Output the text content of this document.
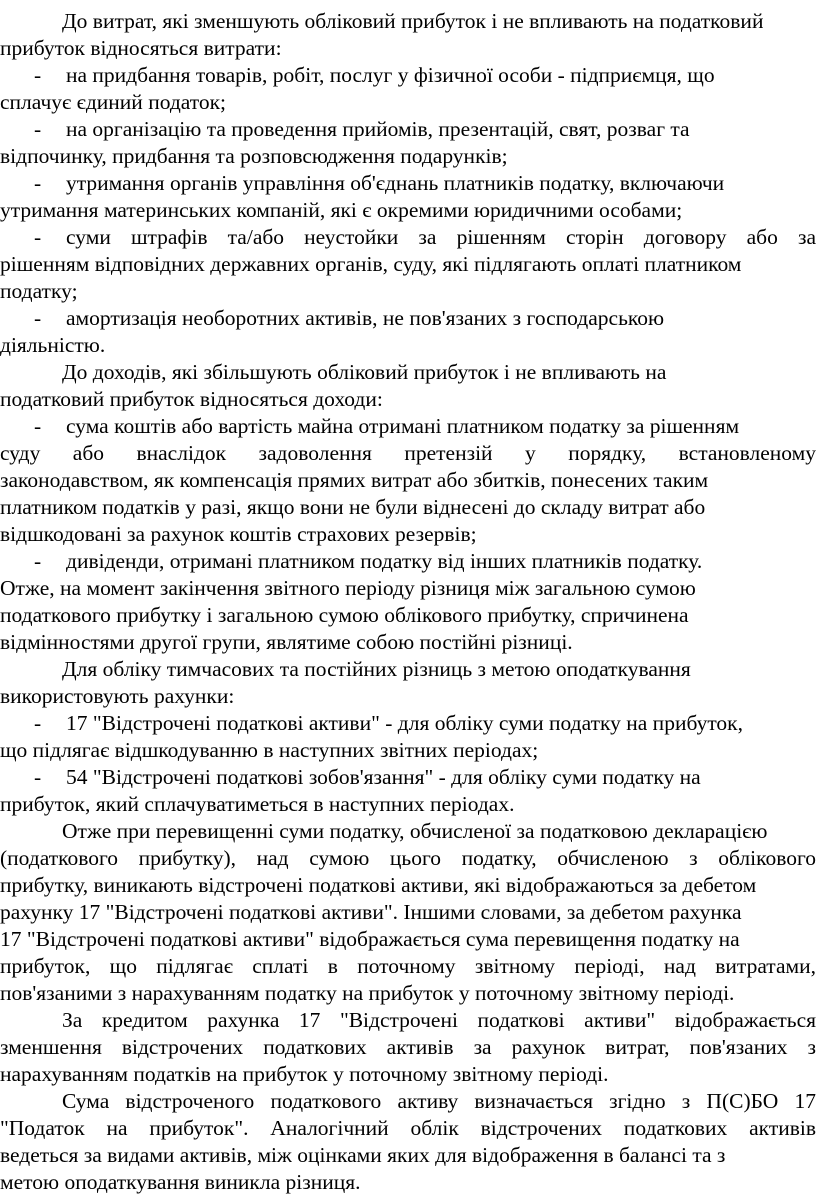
До витрат, які зменшують обліковий прибуток і не впливають на податковий

прибуток відносяться витрати:

- на придбання товарів, робіт, послуг у фізичної особи - підприємця, що

сплачує єдиний податок;

- на організацію та проведення прийомів, презентацій, свят, розваг та

відпочинку, придбання та розповсюдження подарунків;

- утримання органів управління об'єднань платників податку, включаючи

утримання материнських компаній, які є окремими юридичними особами;

- суми штрафів та/або неустойки за рішенням сторін договору або за

рішенням відповідних державних органів, суду, які підлягають оплаті платником

податку;

- амортизація необоротних активів, не пов'язаних з господарською

діяльністю.

До доходів, які збільшують обліковий прибуток і не впливають на

податковий прибуток відносяться доходи:

- сума коштів або вартість майна отримані платником податку за рішенням

суду або внаслідок задоволення претензій у порядку, встановленому

законодавством, як компенсація прямих витрат або збитків, понесених таким

платником податків у разі, якщо вони не були віднесені до складу витрат або

відшкодовані за рахунок коштів страхових резервів;

- дивіденди, отримані платником податку від інших платників податку.

Отже, на момент закінчення звітного періоду різниця між загальною сумою

податкового прибутку і загальною сумою облікового прибутку, спричинена

відмінностями другої групи, являтиме собою постійні різниці.

Для обліку тимчасових та постійних різниць з метою оподаткування

використовують рахунки:

- 17 "Відстрочені податкові активи" - для обліку суми податку на прибуток,

що підлягає відшкодуванню в наступних звітних періодах;

- 54 "Відстрочені податкові зобов'язання" - для обліку суми податку на

прибуток, який сплачуватиметься в наступних періодах.

Отже при перевищенні суми податку, обчисленої за податковою декларацією

(податкового прибутку), над сумою цього податку, обчисленою з облікового

прибутку, виникають відстрочені податкові активи, які відображаються за дебетом

рахунку 17 "Відстрочені податкові активи". Іншими словами, за дебетом рахунка

17 "Відстрочені податкові активи" відображається сума перевищення податку на

прибуток, що підлягає сплаті в поточному звітному періоді, над витратами,

пов'язаними з нарахуванням податку на прибуток у поточному звітному періоді.

За кредитом рахунка 17 "Відстрочені податкові активи" відображається

зменшення відстрочених податкових активів за рахунок витрат, пов'язаних з

нарахуванням податків на прибуток у поточному звітному періоді.

Сума відстроченого податкового активу визначається згідно з П(С)БО 17

"Податок на прибуток". Аналогічний облік відстрочених податкових активів

ведеться за видами активів, між оцінками яких для відображення в балансі та з

метою оподаткування виникла різниця.
